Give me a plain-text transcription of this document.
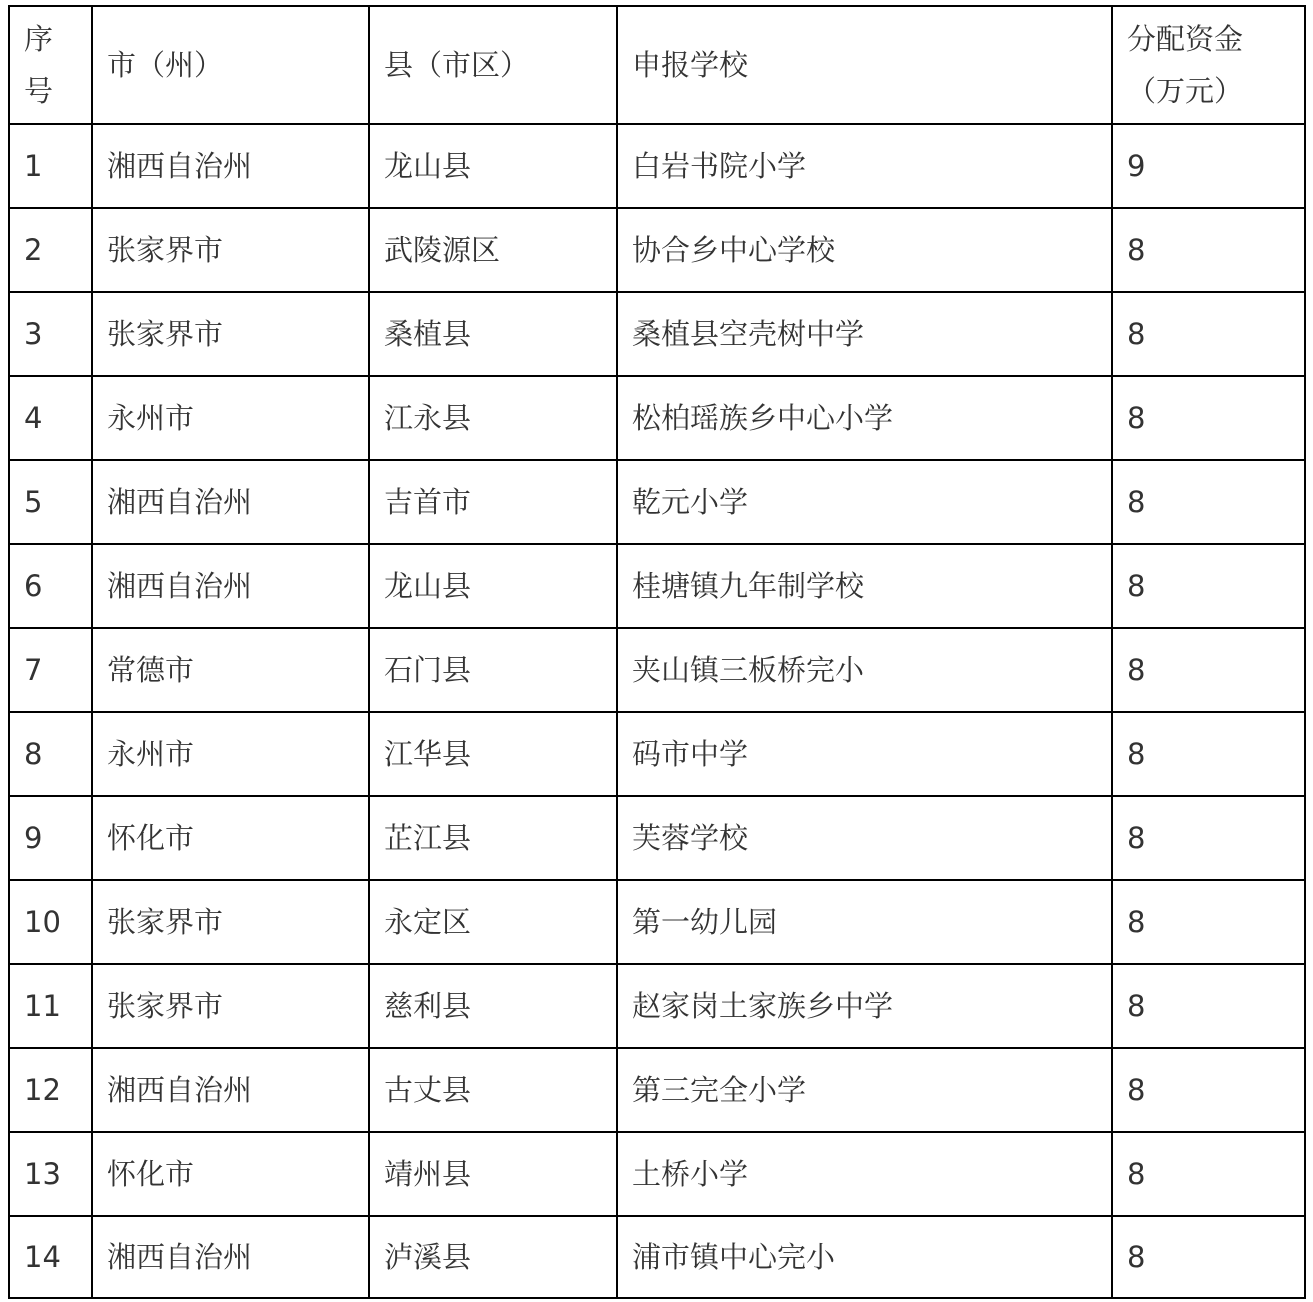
序号	市（州）	县（市区）	申报学校	分配资金（万元）
1	湘西自治州	龙山县	白岩书院小学	9
2	张家界市	武陵源区	协合乡中心学校	8
3	张家界市	桑植县	桑植县空壳树中学	8
4	永州市	江永县	松柏瑶族乡中心小学	8
5	湘西自治州	吉首市	乾元小学	8
6	湘西自治州	龙山县	桂塘镇九年制学校	8
7	常德市	石门县	夹山镇三板桥完小	8
8	永州市	江华县	码市中学	8
9	怀化市	芷江县	芙蓉学校	8
10	张家界市	永定区	第一幼儿园	8
11	张家界市	慈利县	赵家岗土家族乡中学	8
12	湘西自治州	古丈县	第三完全小学	8
13	怀化市	靖州县	土桥小学	8
14	湘西自治州	泸溪县	浦市镇中心完小	8
